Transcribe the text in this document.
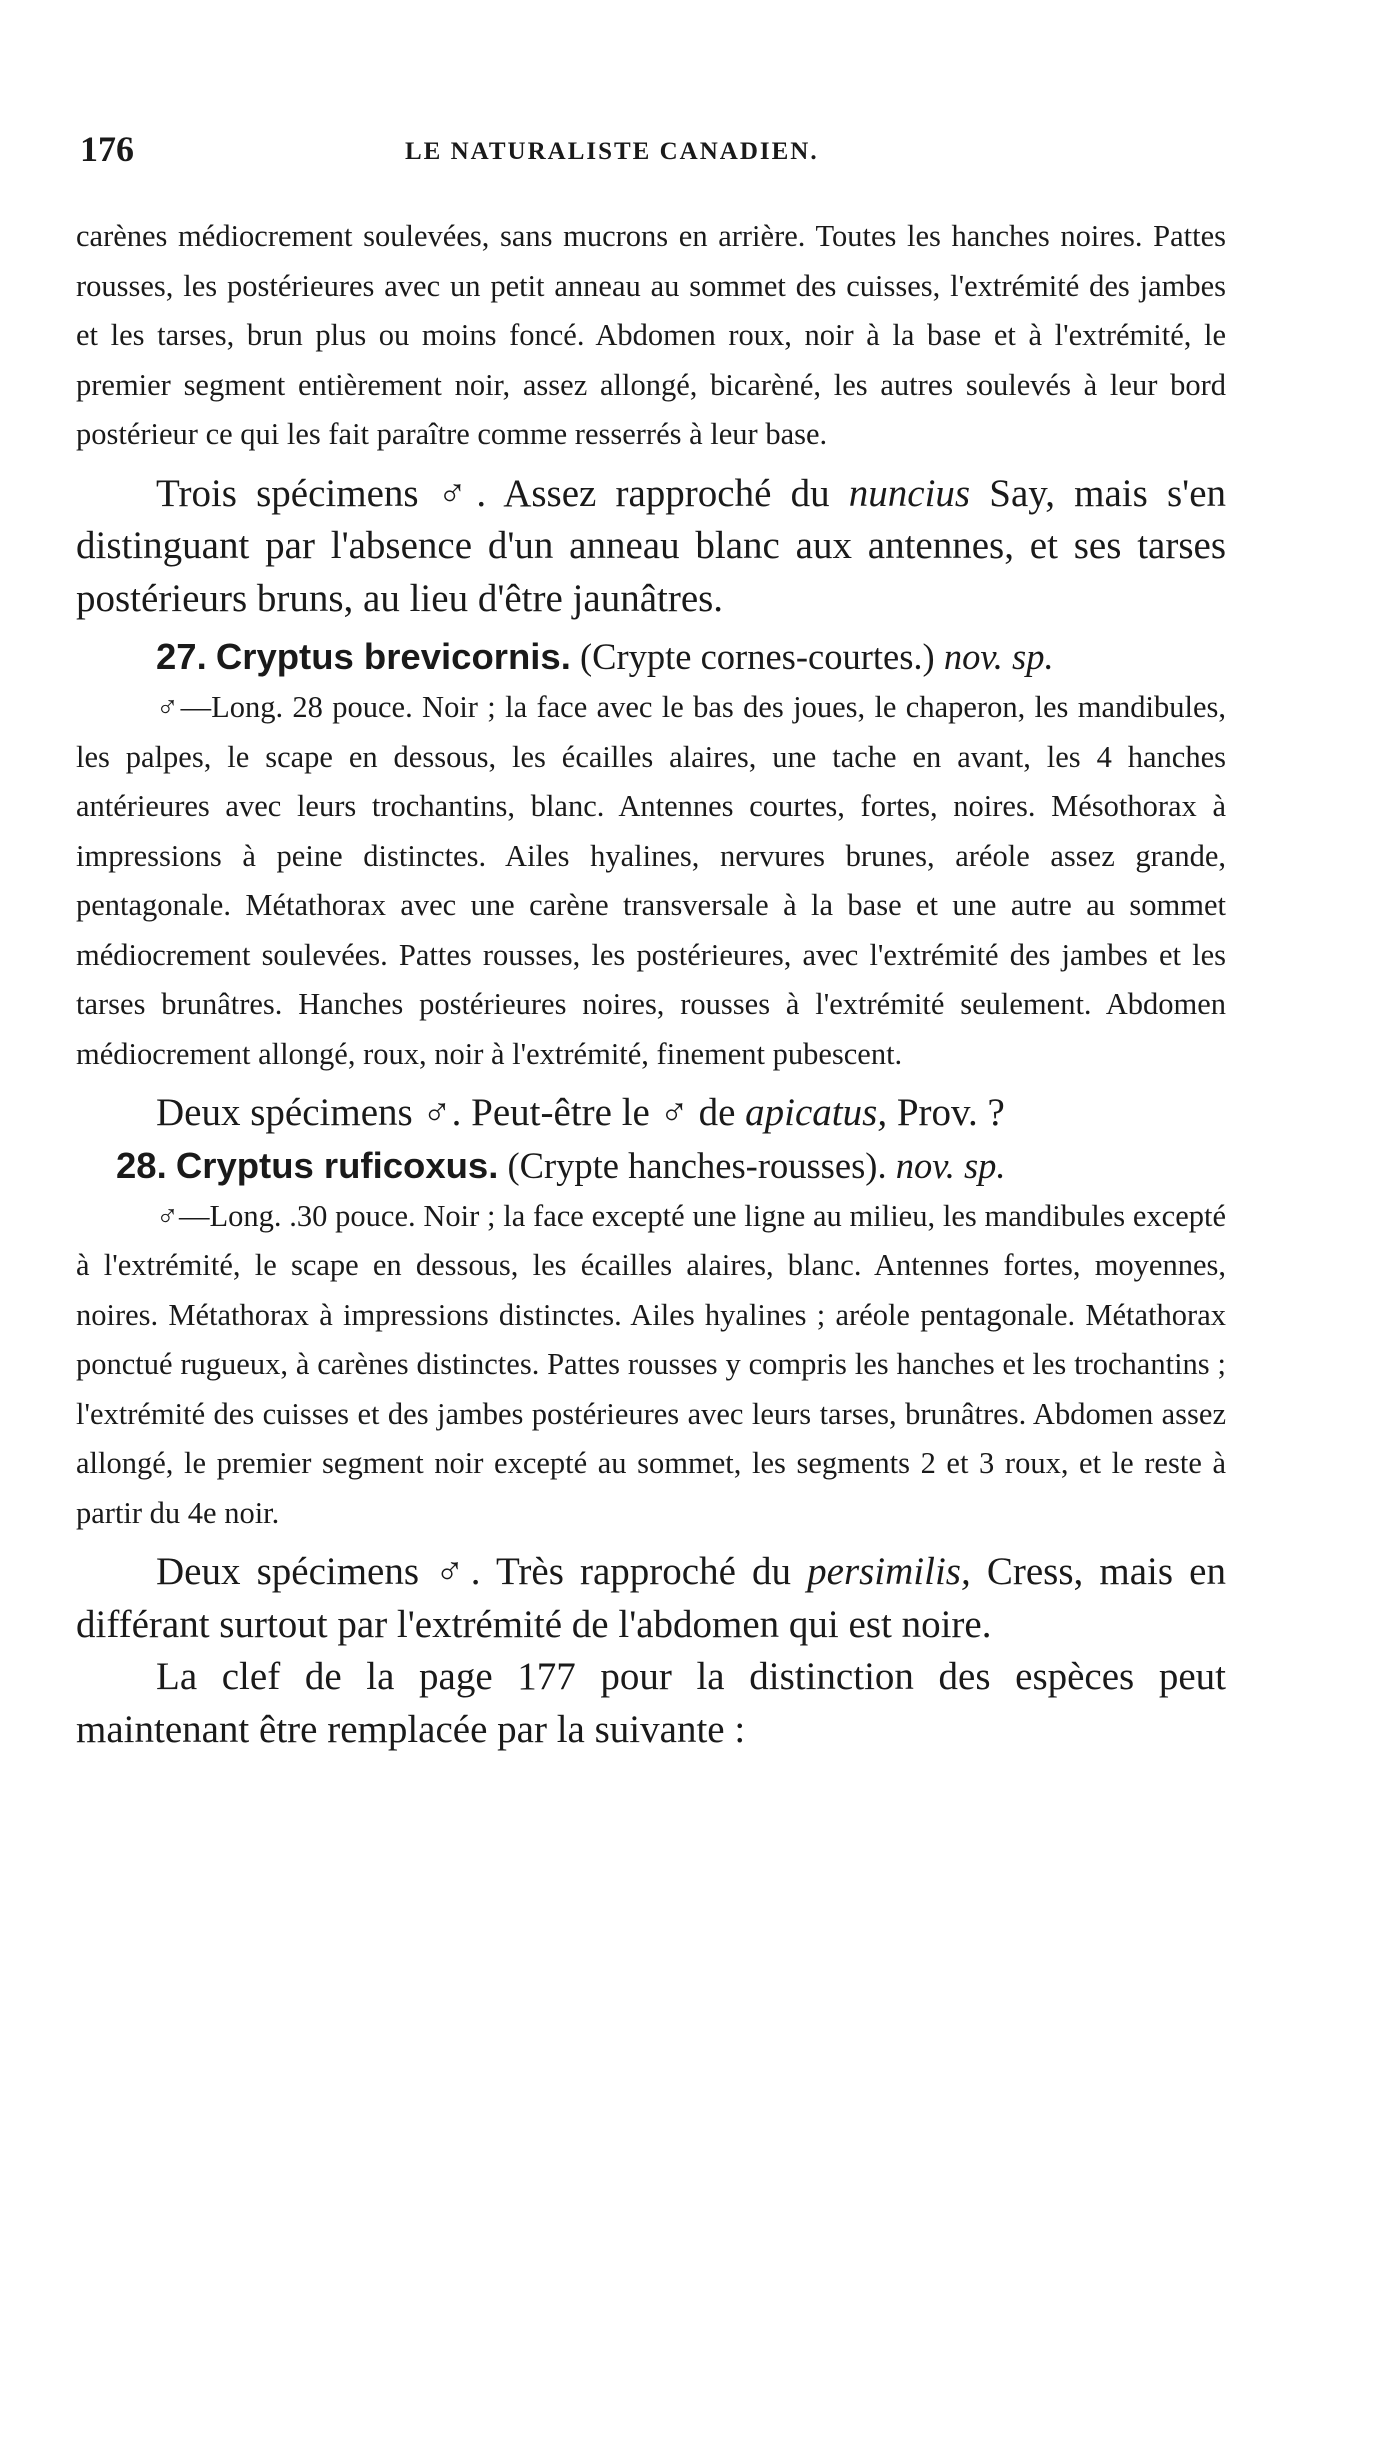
176	LE NATURALISTE CANADIEN.

carènes médiocrement soulevées, sans mucrons en arrière. Toutes les hanches noires. Pattes rousses, les postérieures avec un petit anneau au sommet des cuisses, l'extrémité des jambes et les tarses, brun plus ou moins foncé. Abdomen roux, noir à la base et à l'extrémité, le premier segment entièrement noir, assez allongé, bicarèné, les autres soulevés à leur bord postérieur ce qui les fait paraître comme resserrés à leur base.

Trois spécimens ♂. Assez rapproché du nuncius Say, mais s'en distinguant par l'absence d'un anneau blanc aux antennes, et ses tarses postérieurs bruns, au lieu d'être jaunâtres.

27. Cryptus brevicornis. (Crypte cornes-courtes.) nov. sp.

♂—Long. 28 pouce. Noir ; la face avec le bas des joues, le chaperon, les mandibules, les palpes, le scape en dessous, les écailles alaires, une tache en avant, les 4 hanches antérieures avec leurs trochantins, blanc. Antennes courtes, fortes, noires. Mésothorax à impressions à peine distinctes. Ailes hyalines, nervures brunes, aréole assez grande, pentagonale. Métathorax avec une carène transversale à la base et une autre au sommet médiocrement soulevées. Pattes rousses, les postérieures, avec l'extrémité des jambes et les tarses brunâtres. Hanches postérieures noires, rousses à l'extrémité seulement. Abdomen médiocrement allongé, roux, noir à l'extrémité, finement pubescent.

Deux spécimens ♂. Peut-être le ♂ de apicatus, Prov. ?

28. Cryptus ruficoxus. (Crypte hanches-rousses). nov. sp.

♂—Long. .30 pouce. Noir ; la face excepté une ligne au milieu, les mandibules excepté à l'extrémité, le scape en dessous, les écailles alaires, blanc. Antennes fortes, moyennes, noires. Métathorax à impressions distinctes. Ailes hyalines ; aréole pentagonale. Métathorax ponctué rugueux, à carènes distinctes. Pattes rousses y compris les hanches et les trochantins ; l'extrémité des cuisses et des jambes postérieures avec leurs tarses, brunâtres. Abdomen assez allongé, le premier segment noir excepté au sommet, les segments 2 et 3 roux, et le reste à partir du 4e noir.

Deux spécimens ♂. Très rapproché du persimilis, Cress, mais en différant surtout par l'extrémité de l'abdomen qui est noire.

La clef de la page 177 pour la distinction des espèces peut maintenant être remplacée par la suivante :
